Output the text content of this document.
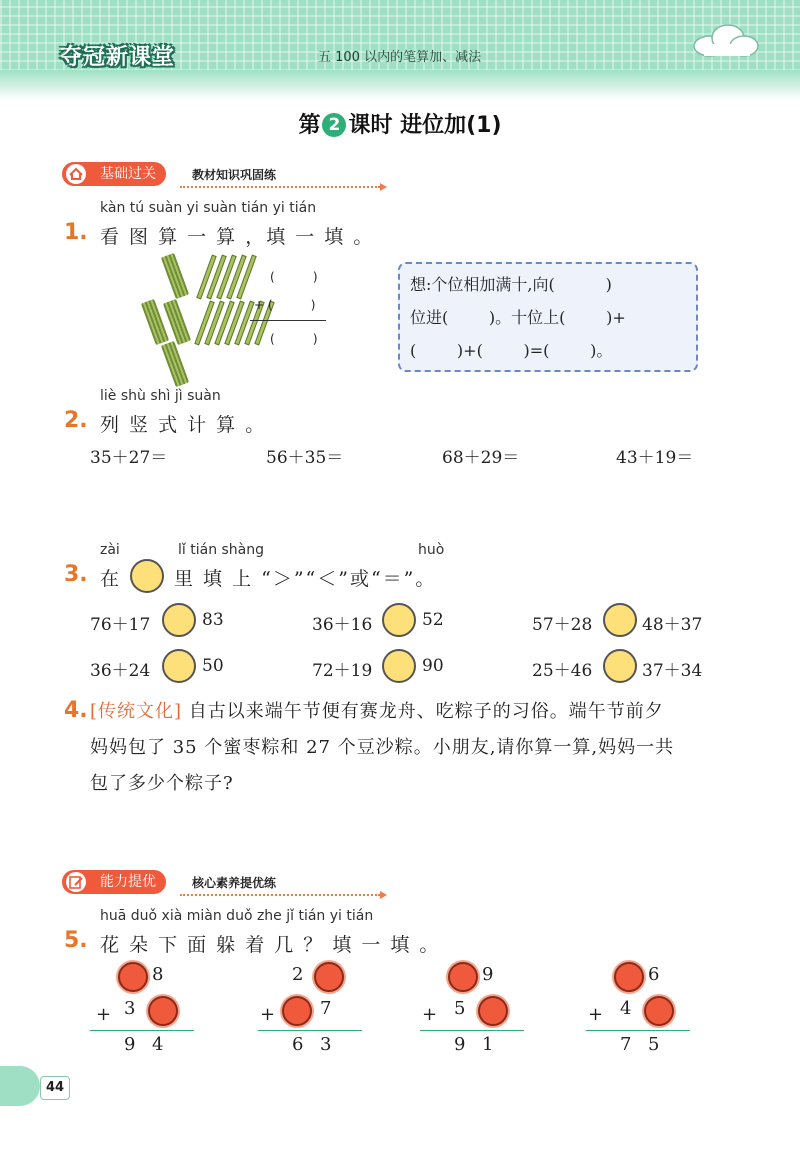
夺冠新课堂	五 100 以内的笔算加、减法
第 2 课时 进位加(1)
基础过关	教材知识巩固练
kàn tú suàn yi suàn tián yi tián
1. 看 图 算 一 算 ，填 一 填 。
(          )
+ (          )
(          )
想:个位相加满十,向(          )
位进(        )。十位上(        )+
(        )+(        )=(        )。
liè shù shì jì suàn
2. 列 竖 式 计 算 。
35＋27＝	56＋35＝	68＋29＝	43＋19＝
zài	lǐ tián shàng	huò
3. 在	里 填 上 “＞”“＜”或“＝”。
76＋17	83	36＋16	52	57＋28	48＋37
36＋24	50	72＋19	90	25＋46	37＋34
4. [传统文化] 自古以来端午节便有赛龙舟、吃粽子的习俗。端午节前夕
妈妈包了 35 个蜜枣粽和 27 个豆沙粽。小朋友,请你算一算,妈妈一共
包了多少个粽子?
能力提优	核心素养提优练
huā duǒ xià miàn duǒ zhe jǐ tián yi tián
5. 花 朵 下 面 躲 着 几 ？ 填 一 填 。
8
+ 3
9 4
2
+ 7
6 3
9
+ 5
9 1
6
+ 4
7 5
44
